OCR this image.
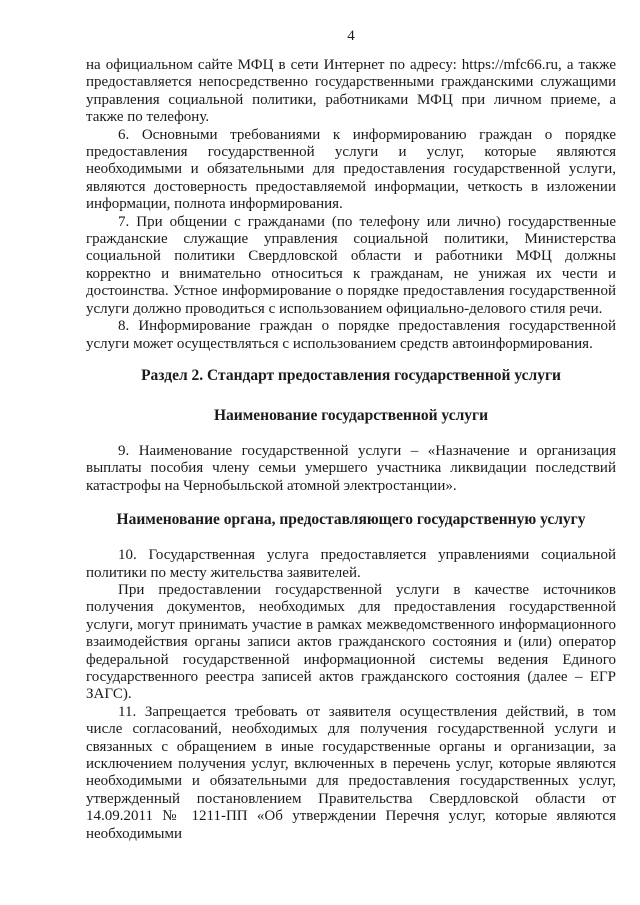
4

на официальном сайте МФЦ в сети Интернет по адресу: https://mfc66.ru, а также предоставляется непосредственно государственными гражданскими служащими управления социальной политики, работниками МФЦ при личном приеме, а также по телефону.

6. Основными требованиями к информированию граждан о порядке предоставления государственной услуги и услуг, которые являются необходимыми и обязательными для предоставления государственной услуги, являются достоверность предоставляемой информации, четкость в изложении информации, полнота информирования.

7. При общении с гражданами (по телефону или лично) государственные гражданские служащие управления социальной политики, Министерства социальной политики Свердловской области и работники МФЦ должны корректно и внимательно относиться к гражданам, не унижая их чести и достоинства. Устное информирование о порядке предоставления государственной услуги должно проводиться с использованием официально-делового стиля речи.

8. Информирование граждан о порядке предоставления государственной услуги может осуществляться с использованием средств автоинформирования.

Раздел 2. Стандарт предоставления государственной услуги
Наименование государственной услуги

9. Наименование государственной услуги – «Назначение и организация выплаты пособия члену семьи умершего участника ликвидации последствий катастрофы на Чернобыльской атомной электростанции».

Наименование органа, предоставляющего государственную услугу

10. Государственная услуга предоставляется управлениями социальной политики по месту жительства заявителей.

При предоставлении государственной услуги в качестве источников получения документов, необходимых для предоставления государственной услуги, могут принимать участие в рамках межведомственного информационного взаимодействия органы записи актов гражданского состояния и (или) оператор федеральной государственной информационной системы ведения Единого государственного реестра записей актов гражданского состояния (далее – ЕГР ЗАГС).

11. Запрещается требовать от заявителя осуществления действий, в том числе согласований, необходимых для получения государственной услуги и связанных с обращением в иные государственные органы и организации, за исключением получения услуг, включенных в перечень услуг, которые являются необходимыми и обязательными для предоставления государственных услуг, утвержденный постановлением Правительства Свердловской области от 14.09.2011 № 1211-ПП «Об утверждении Перечня услуг, которые являются необходимыми
